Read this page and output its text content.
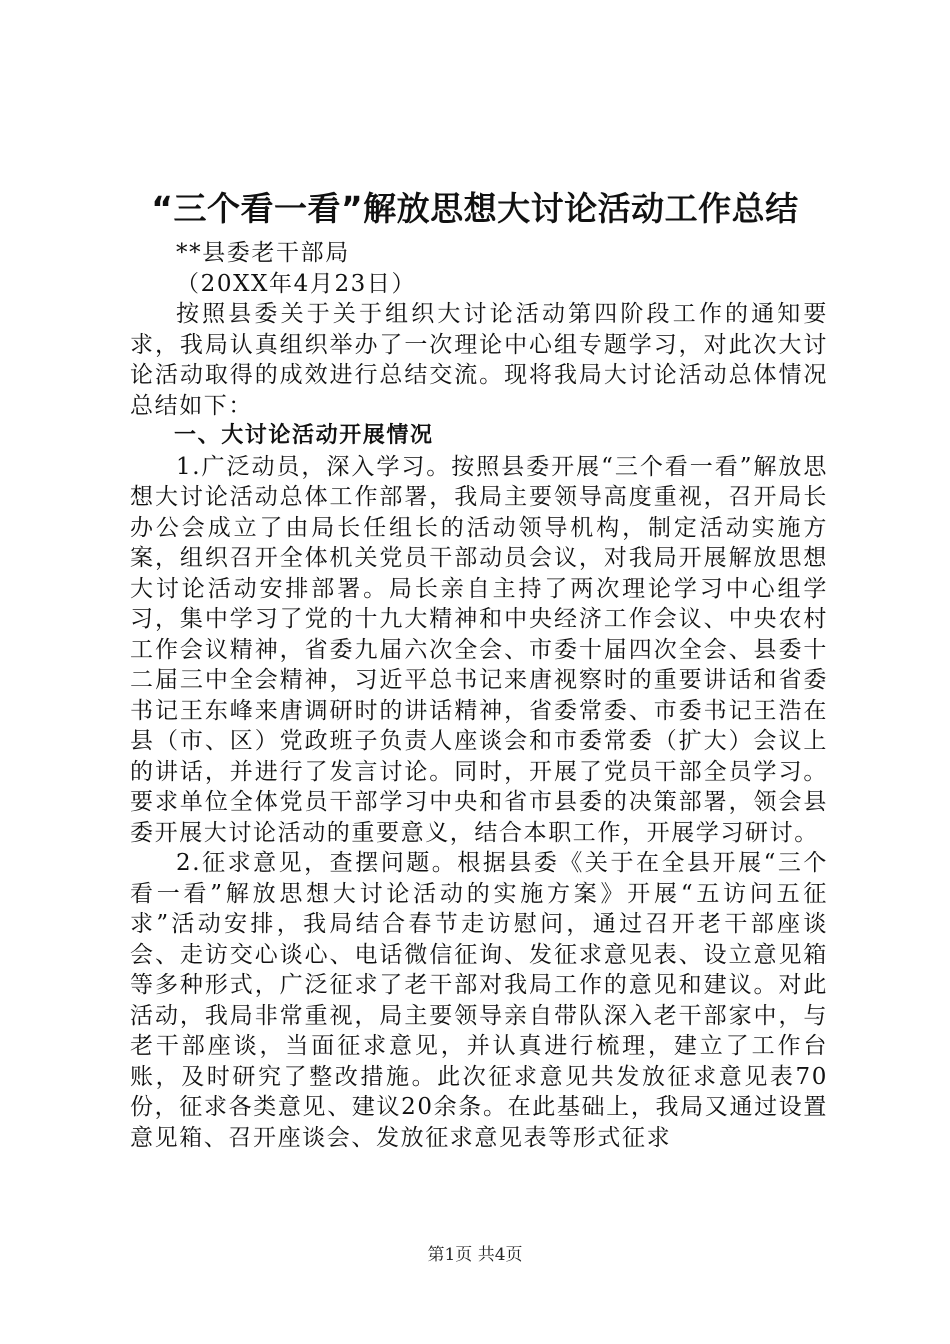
“三个看一看”解放思想大讨论活动工作总结

**县委老干部局

（20XX年4月23日）

按照县委关于关于组织大讨论活动第四阶段工作的通知要求，我局认真组织举办了一次理论中心组专题学习，对此次大讨论活动取得的成效进行总结交流。现将我局大讨论活动总体情况总结如下：

一、大讨论活动开展情况

1.广泛动员，深入学习。按照县委开展“三个看一看”解放思想大讨论活动总体工作部署，我局主要领导高度重视，召开局长办公会成立了由局长任组长的活动领导机构，制定活动实施方案，组织召开全体机关党员干部动员会议，对我局开展解放思想大讨论活动安排部署。局长亲自主持了两次理论学习中心组学习，集中学习了党的十九大精神和中央经济工作会议、中央农村工作会议精神，省委九届六次全会、市委十届四次全会、县委十二届三中全会精神，习近平总书记来唐视察时的重要讲话和省委书记王东峰来唐调研时的讲话精神，省委常委、市委书记王浩在县（市、区）党政班子负责人座谈会和市委常委（扩大）会议上的讲话，并进行了发言讨论。同时，开展了党员干部全员学习。要求单位全体党员干部学习中央和省市县委的决策部署，领会县委开展大讨论活动的重要意义，结合本职工作，开展学习研讨。

2.征求意见，查摆问题。根据县委《关于在全县开展“三个看一看”解放思想大讨论活动的实施方案》开展“五访问五征求”活动安排，我局结合春节走访慰问，通过召开老干部座谈会、走访交心谈心、电话微信征询、发征求意见表、设立意见箱等多种形式，广泛征求了老干部对我局工作的意见和建议。对此活动，我局非常重视，局主要领导亲自带队深入老干部家中，与老干部座谈，当面征求意见，并认真进行梳理，建立了工作台账，及时研究了整改措施。此次征求意见共发放征求意见表70份，征求各类意见、建议20余条。在此基础上，我局又通过设置意见箱、召开座谈会、发放征求意见表等形式征求

第1页 共4页
